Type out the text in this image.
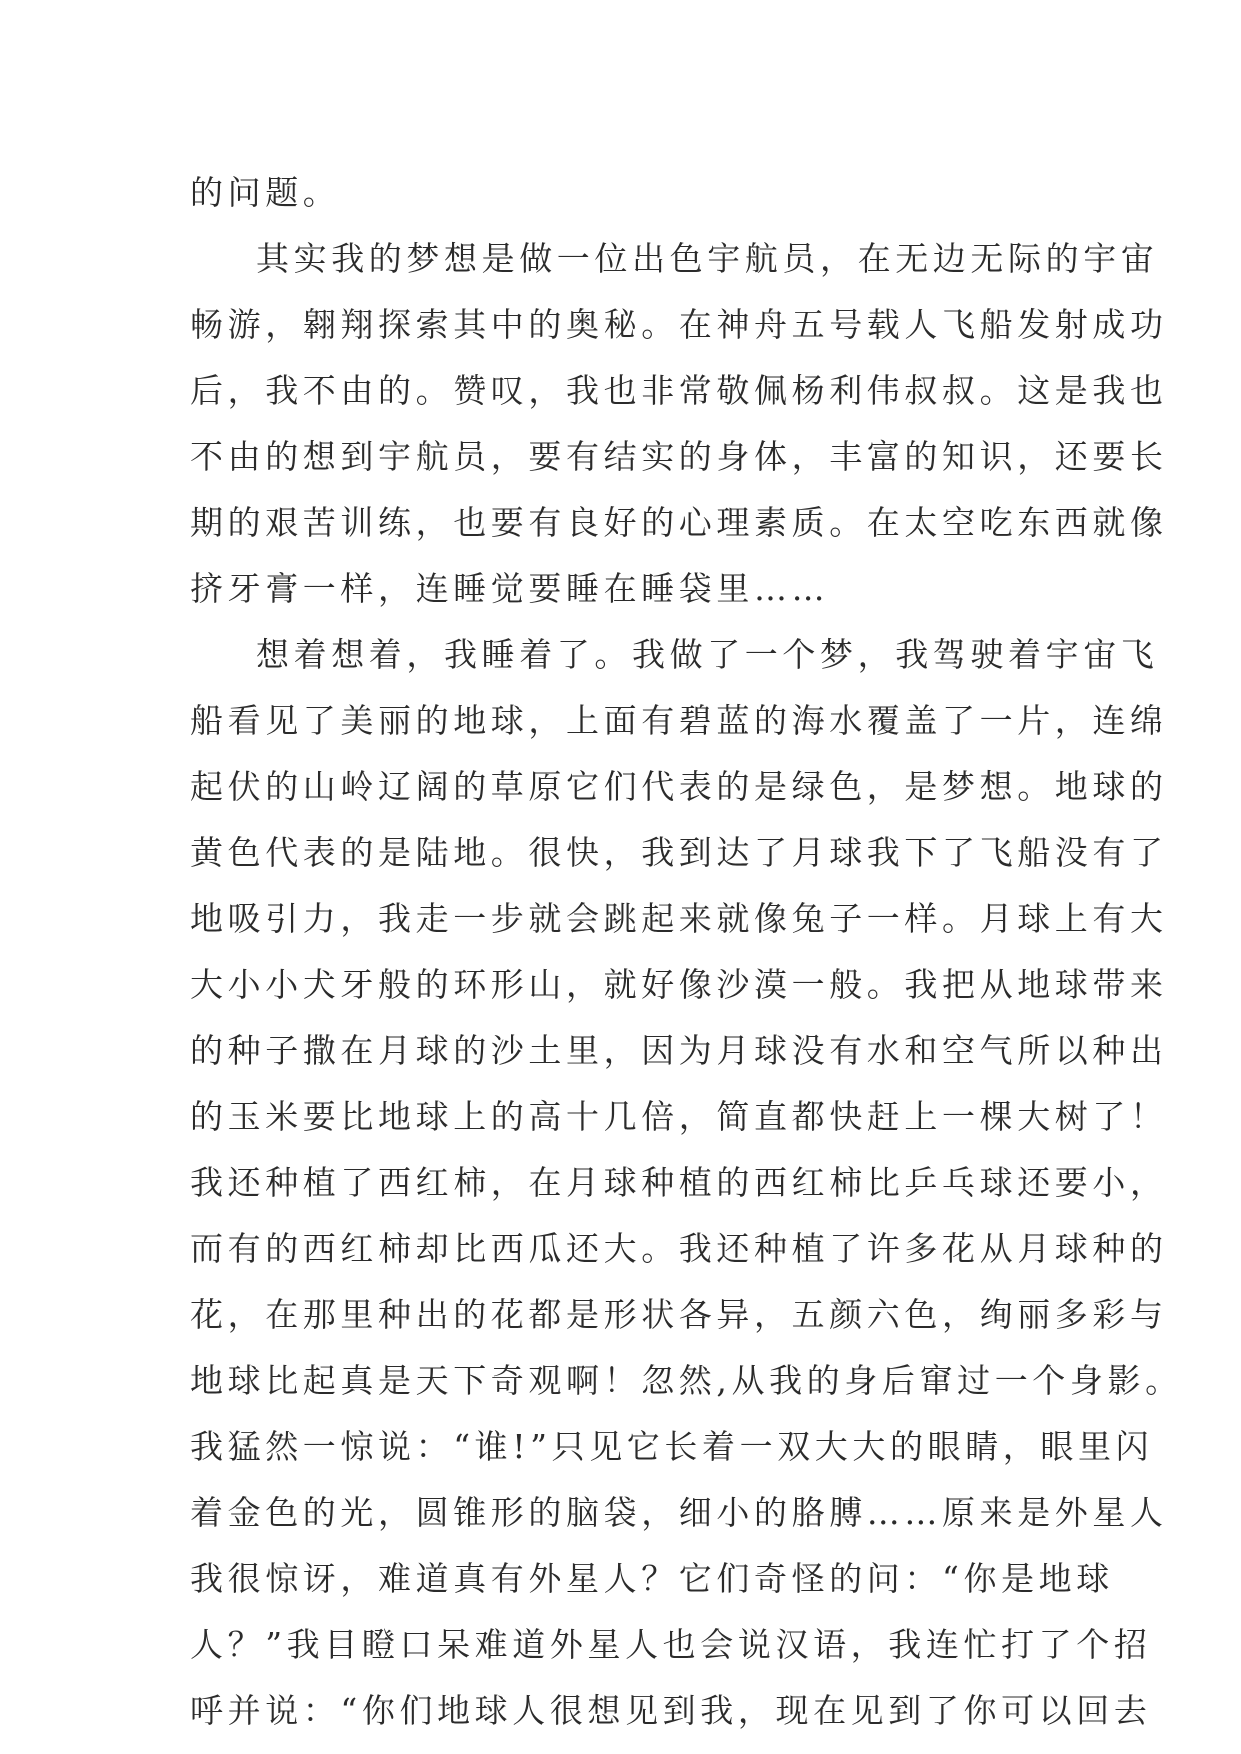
的问题。
其实我的梦想是做一位出色宇航员，在无边无际的宇宙
畅游，翱翔探索其中的奥秘。在神舟五号载人飞船发射成功
后，我不由的。赞叹，我也非常敬佩杨利伟叔叔。这是我也
不由的想到宇航员，要有结实的身体，丰富的知识，还要长
期的艰苦训练，也要有良好的心理素质。在太空吃东西就像
挤牙膏一样，连睡觉要睡在睡袋里……
想着想着，我睡着了。我做了一个梦，我驾驶着宇宙飞
船看见了美丽的地球，上面有碧蓝的海水覆盖了一片，连绵
起伏的山岭辽阔的草原它们代表的是绿色，是梦想。地球的
黄色代表的是陆地。很快，我到达了月球我下了飞船没有了
地吸引力，我走一步就会跳起来就像兔子一样。月球上有大
大小小犬牙般的环形山，就好像沙漠一般。我把从地球带来
的种子撒在月球的沙土里，因为月球没有水和空气所以种出
的玉米要比地球上的高十几倍，简直都快赶上一棵大树了！
我还种植了西红柿，在月球种植的西红柿比乒乓球还要小，
而有的西红柿却比西瓜还大。我还种植了许多花从月球种的
花，在那里种出的花都是形状各异，五颜六色，绚丽多彩与
地球比起真是天下奇观啊！忽然,从我的身后窜过一个身影。
我猛然一惊说：“谁!”只见它长着一双大大的眼睛，眼里闪
着金色的光，圆锥形的脑袋，细小的胳膊……原来是外星人
我很惊讶，难道真有外星人？它们奇怪的问：“你是地球
人？”我目瞪口呆难道外星人也会说汉语，我连忙打了个招
呼并说：“你们地球人很想见到我，现在见到了你可以回去
